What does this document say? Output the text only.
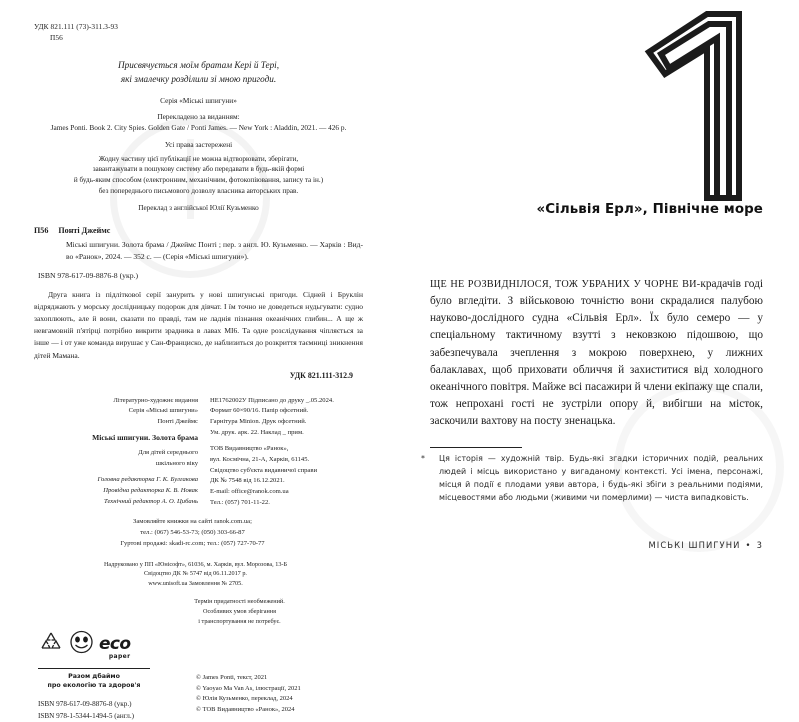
УДК 821.111 (73)-311.3-93
П56
Присвячується моїм братам Кері й Тері,
які змалечку розділили зі мною пригоди.
Серія «Міські шпигуни»
Перекладено за виданням:
James Ponti. Book 2. City Spies. Golden Gate / Ponti James. — New York : Aladdin, 2021. — 426 p.
Усі права застережені
Жодну частину цієї публікації не можна відтворювати, зберігати,
завантажувати в пошукову систему або передавати в будь-якій формі
й будь-яким способом (електронним, механічним, фотокопіювання, запису та ін.)
без попереднього письмового дозволу власника авторських прав.
Переклад з англійської Юлії Кузьменко
П56 Понті Джеймс
Міські шпигуни. Золота брама / Джеймс Понті ; пер. з англ. Ю. Кузьменко. — Харків : Вид-во «Ранок», 2024. — 352 с. — (Серія «Міські шпигуни»).
ISBN 978-617-09-8876-8 (укр.)
Друга книга із підліткової серії занурить у нові шпигунські пригоди. Сідней і Бруклін відряджають у морську дослідницьку подорож для дівчат. І їм точно не доведеться нудьгувати: судно захоплюють, але й вони, сказати по правді, там не ладнія пізнання океанічних глибин... А ще ж невгамовній п'ятірці потрібно викрити зрадника в лавах МІ6. Та одне розслідування чіпляється за інше — і от уже команда вирушає у Сан-Франциско, де наблизиться до розкриття таємниці зникнення дітей Мамана.
УДК 821.111-312.9
Літературно-художнє видання
Серія «Міські шпигуни»
Понті Джеймс
Міські шпигуни. Золота брама
Для дітей середнього
шкільного віку
Головна редакторка Г. К. Булгакова
Провідна редакторка К. В. Новак
Технічний редактор А. О. Цибань
НЕ1762002У Підписано до друку _.05.2024.
Формат 60×90/16. Папір офсетний.
Гарнітура Minion. Друк офсетний.
Ум. друк. арк. 22. Наклад _ прим.
ТОВ Видавництво «Ранок»,
вул. Космічна, 21-А, Харків, 61145.
Свідоцтво суб'єкта видавничої справи
ДК № 7548 від 16.12.2021.
E-mail: office@ranok.com.ua
Тел.: (057) 701-11-22.
Замовляйте книжки на сайті ranok.com.ua;
тел.: (067) 546-53-73; (050) 303-66-87
Гуртові продажі: skadi-rc.com; тел.: (057) 727-70-77
Надруковано у ПП «Юнісофт», 61036, м. Харків, вул. Морозова, 13-Б
Свідоцтво ДК № 5747 від 06.11.2017 р.
www.unisoft.ua Замовлення № 2705.
Термін придатності необмежений.
Особливих умов зберігання
і транспортування не потребує.
eco
paper
Разом дбаймо
про екологію та здоров'я
ISBN 978-617-09-8876-8 (укр.)
ISBN 978-1-5344-1494-5 (англ.)
© James Ponti, текст, 2021
© Yaoyao Ma Van As, ілюстрації, 2021
© Юлія Кузьменко, переклад, 2024
© ТОВ Видавництво «Ранок», 2024
«Сільвія Ерл», Північне море
ЩЕ НЕ РОЗВИДНІЛОСЯ, ТОЖ УБРАНИХ У ЧОРНЕ ВИ-крадачів годі було вгледіти. З військовою точністю вони скрадалися палубою науково-дослідного судна «Сільвія Ерл». Їх було семеро — у спеціальному тактичному взутті з нековзкою підошвою, що забезпечувала зчеплення з мокрою поверхнею, у лижних балаклавах, щоб приховати обличчя й захиститися від холодного океанічного повітря. Майже всі пасажири й члени екіпажу ще спали, тож непрохані гості не зустріли опору й, вибігши на місток, заскочили вахтову на посту зненацька.
*	Ця історія — художній твір. Будь-які згадки історичних подій, реальних людей і місць використано у вигаданому контексті. Усі імена, персонажі, місця й події є плодами уяви автора, і будь-які збіги з реальними подіями, місцевостями або людьми (живими чи померлими) — чиста випадковість.
МІСЬКІ ШПИГУНИ • 3
